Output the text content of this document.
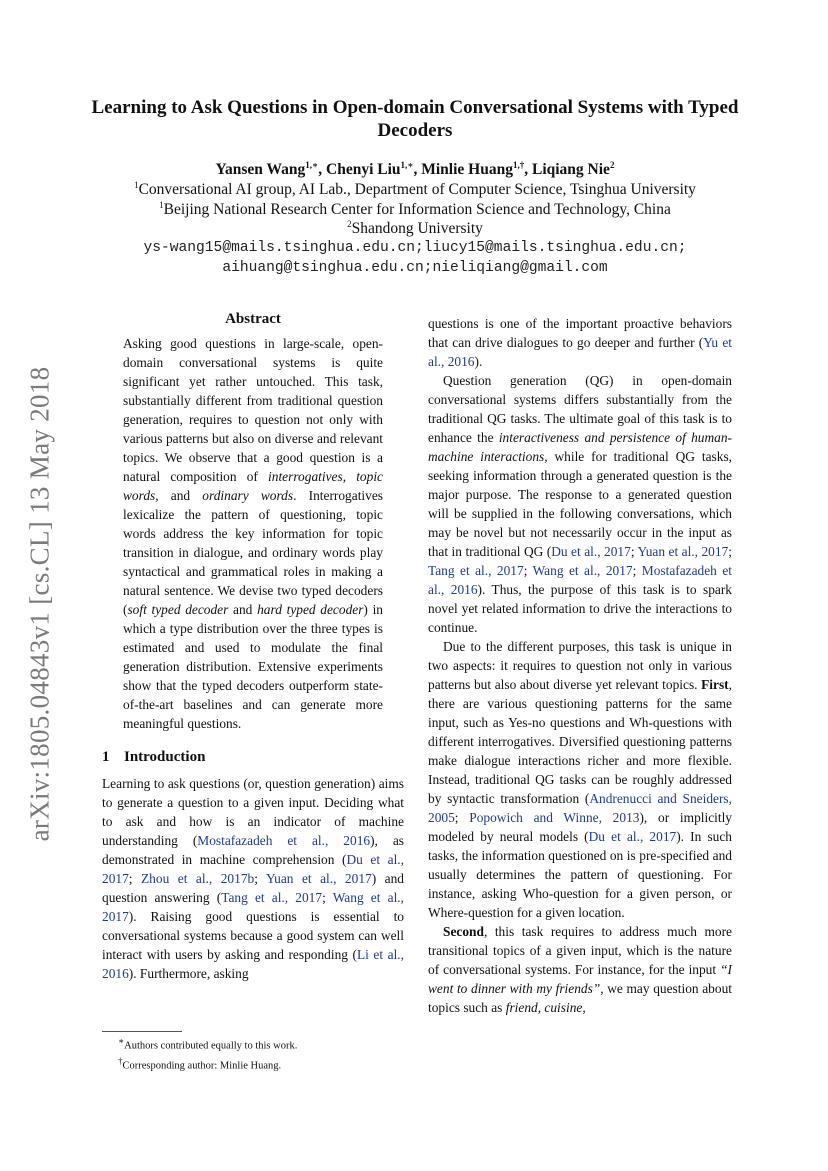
arXiv:1805.04843v1 [cs.CL] 13 May 2018
Learning to Ask Questions in Open-domain Conversational Systems with Typed Decoders
Yansen Wang$^{1,∗}$, Chenyi Liu$^{1,∗}$, Minlie Huang$^{1,\dagger}$, Liqiang Nie$^2$
$^1$Conversational AI group, AI Lab., Department of Computer Science, Tsinghua University
$^1$Beijing National Research Center for Information Science and Technology, China
$^2$Shandong University
ys-wang15@mails.tsinghua.edu.cn;liucy15@mails.tsinghua.edu.cn;
aihuang@tsinghua.edu.cn;nieliqiang@gmail.com
Abstract
Asking good questions in large-scale, open-domain conversational systems is quite significant yet rather untouched. This task, substantially different from traditional question generation, requires to question not only with various patterns but also on diverse and relevant topics. We observe that a good question is a natural composition of interrogatives, topic words, and ordinary words. Interrogatives lexicalize the pattern of questioning, topic words address the key information for topic transition in dialogue, and ordinary words play syntactical and grammatical roles in making a natural sentence. We devise two typed decoders (soft typed decoder and hard typed decoder) in which a type distribution over the three types is estimated and used to modulate the final generation distribution. Extensive experiments show that the typed decoders outperform state-of-the-art baselines and can generate more meaningful questions.
1 Introduction

Learning to ask questions (or, question generation) aims to generate a question to a given input. Deciding what to ask and how is an indicator of machine understanding (Mostafazadeh et al., 2016), as demonstrated in machine comprehension (Du et al., 2017; Zhou et al., 2017b; Yuan et al., 2017) and question answering (Tang et al., 2017; Wang et al., 2017). Raising good questions is essential to conversational systems because a good system can well interact with users by asking and responding (Li et al., 2016). Furthermore, asking

∗Authors contributed equally to this work.
†Corresponding author: Minlie Huang.

questions is one of the important proactive behaviors that can drive dialogues to go deeper and further (Yu et al., 2016).

Question generation (QG) in open-domain conversational systems differs substantially from the traditional QG tasks. The ultimate goal of this task is to enhance the interactiveness and persistence of human-machine interactions, while for traditional QG tasks, seeking information through a generated question is the major purpose. The response to a generated question will be supplied in the following conversations, which may be novel but not necessarily occur in the input as that in traditional QG (Du et al., 2017; Yuan et al., 2017; Tang et al., 2017; Wang et al., 2017; Mostafazadeh et al., 2016). Thus, the purpose of this task is to spark novel yet related information to drive the interactions to continue.

Due to the different purposes, this task is unique in two aspects: it requires to question not only in various patterns but also about diverse yet relevant topics. First, there are various questioning patterns for the same input, such as Yes-no questions and Wh-questions with different interrogatives. Diversified questioning patterns make dialogue interactions richer and more flexible. Instead, traditional QG tasks can be roughly addressed by syntactic transformation (Andrenucci and Sneiders, 2005; Popowich and Winne, 2013), or implicitly modeled by neural models (Du et al., 2017). In such tasks, the information questioned on is pre-specified and usually determines the pattern of questioning. For instance, asking Who-question for a given person, or Where-question for a given location.

Second, this task requires to address much more transitional topics of a given input, which is the nature of conversational systems. For instance, for the input “I went to dinner with my friends”, we may question about topics such as friend, cuisine,
